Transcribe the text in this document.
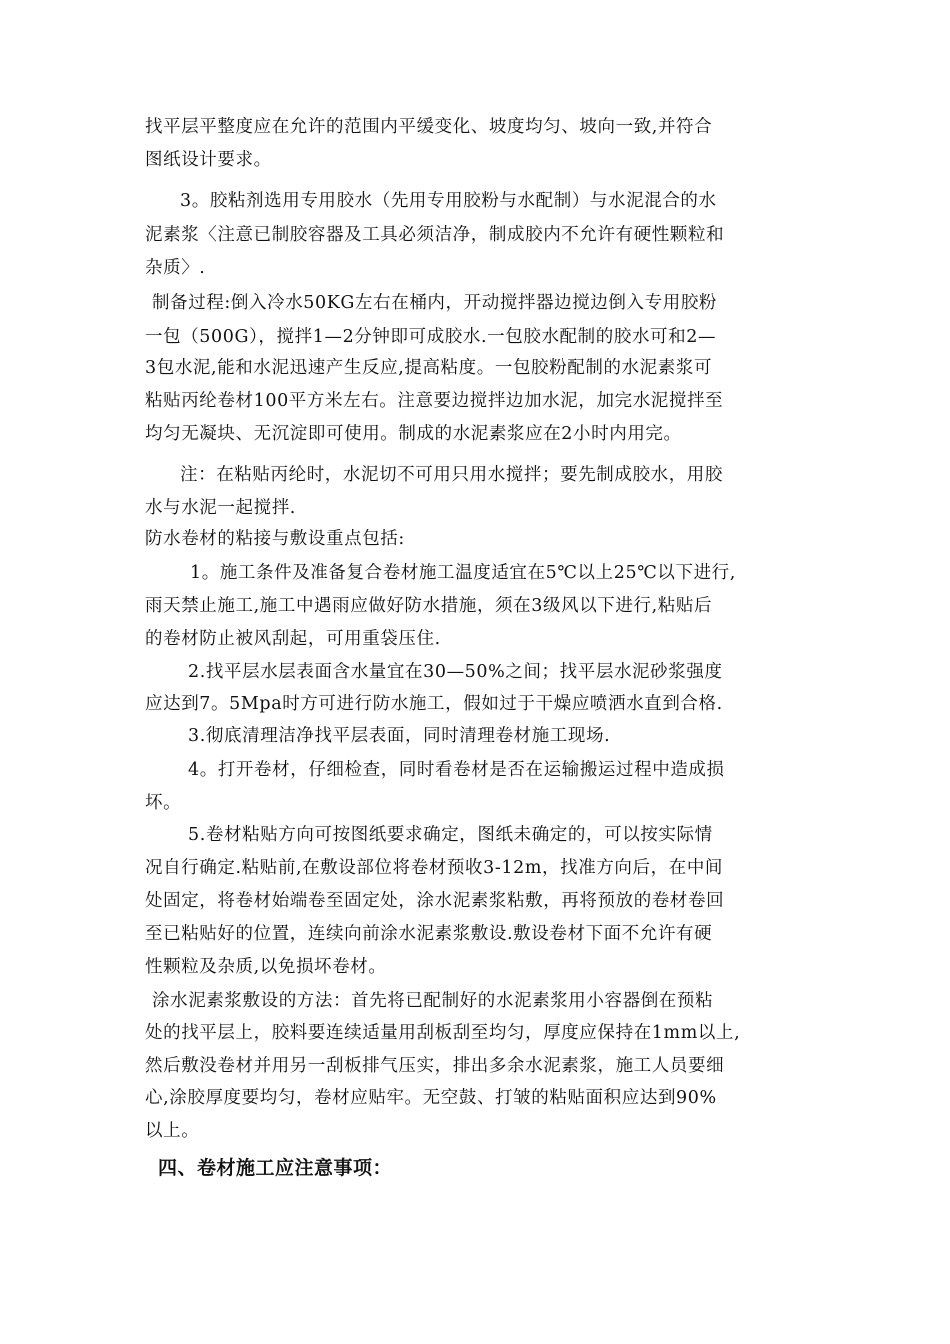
找平层平整度应在允许的范围内平缓变化、坡度均匀、坡向一致,并符合
图纸设计要求。
3。胶粘剂选用专用胶水（先用专用胶粉与水配制）与水泥混合的水
泥素浆〈注意已制胶容器及工具必须洁净，制成胶内不允许有硬性颗粒和
杂质〉.
制备过程:倒入冷水50KG左右在桶内，开动搅拌器边搅边倒入专用胶粉
一包（500G），搅拌1—2分钟即可成胶水.一包胶水配制的胶水可和2—
3包水泥,能和水泥迅速产生反应,提高粘度。一包胶粉配制的水泥素浆可
粘贴丙纶卷材100平方米左右。注意要边搅拌边加水泥，加完水泥搅拌至
均匀无凝块、无沉淀即可使用。制成的水泥素浆应在2小时内用完。
注：在粘贴丙纶时，水泥切不可用只用水搅拌；要先制成胶水，用胶
水与水泥一起搅拌.
防水卷材的粘接与敷设重点包括:
1。施工条件及准备复合卷材施工温度适宜在5℃以上25℃以下进行,
雨天禁止施工,施工中遇雨应做好防水措施，须在3级风以下进行,粘贴后
的卷材防止被风刮起，可用重袋压住.
2.找平层水层表面含水量宜在30—50%之间；找平层水泥砂浆强度
应达到7。5Mpa时方可进行防水施工，假如过于干燥应喷洒水直到合格.
3.彻底清理洁净找平层表面，同时清理卷材施工现场.
4。打开卷材，仔细检查，同时看卷材是否在运输搬运过程中造成损
坏。
5.卷材粘贴方向可按图纸要求确定，图纸未确定的，可以按实际情
况自行确定.粘贴前,在敷设部位将卷材预收3-12m，找准方向后，在中间
处固定，将卷材始端卷至固定处，涂水泥素浆粘敷，再将预放的卷材卷回
至已粘贴好的位置，连续向前涂水泥素浆敷设.敷设卷材下面不允许有硬
性颗粒及杂质,以免损坏卷材。
涂水泥素浆敷设的方法：首先将已配制好的水泥素浆用小容器倒在预粘
处的找平层上，胶料要连续适量用刮板刮至均匀，厚度应保持在1mm以上,
然后敷没卷材并用另一刮板排气压实，排出多余水泥素浆，施工人员要细
心,涂胶厚度要均匀，卷材应贴牢。无空鼓、打皱的粘贴面积应达到90%
以上。
四、卷材施工应注意事项：
